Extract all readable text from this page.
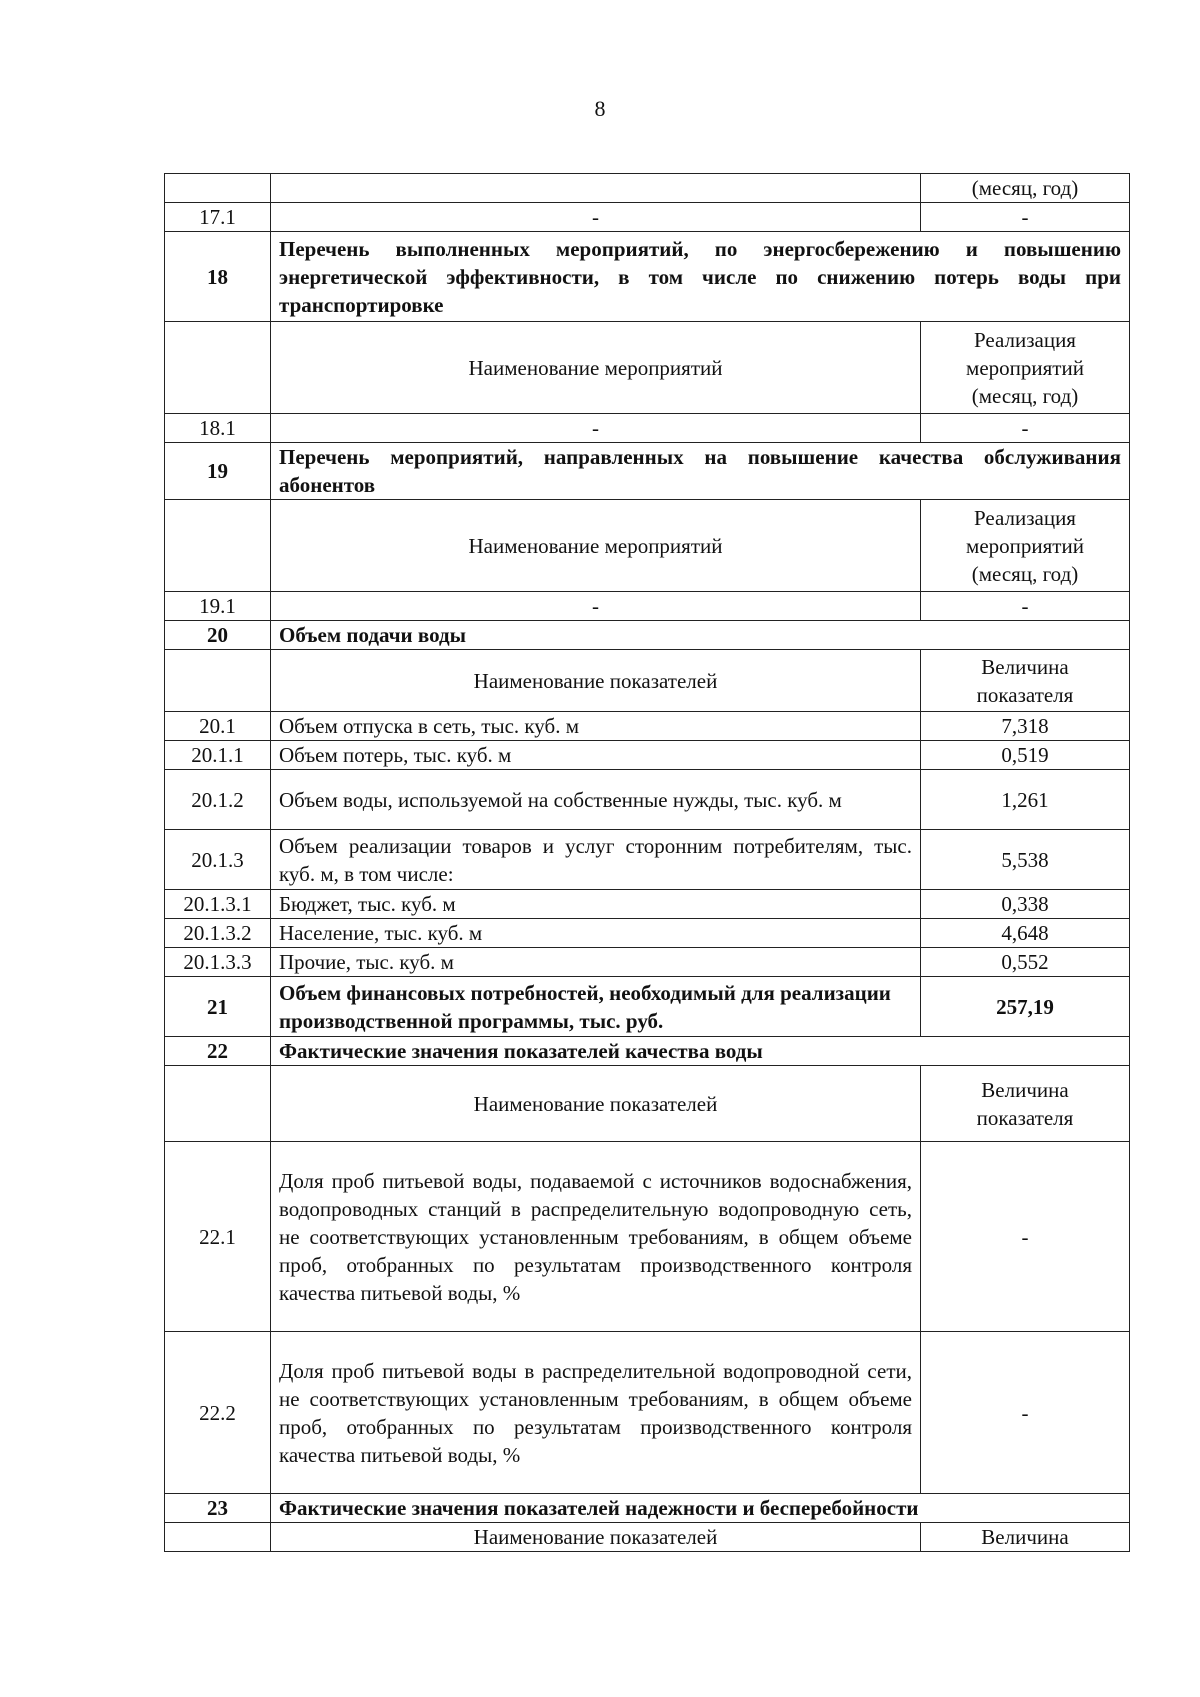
8
		(месяц, год)
17.1	-	-
18	Перечень выполненных мероприятий, по энергосбережению и повышению энергетической эффективности, в том числе по снижению потерь воды при транспортировке	
	Наименование мероприятий	Реализация
мероприятий
(месяц, год)

18.1	-	-
19	Перечень мероприятий, направленных на повышение качества обслуживания абонентов	
	Наименование мероприятий	Реализация
мероприятий
(месяц, год)

19.1	-	-
20	Объем подачи воды	
	Наименование показателей	Величина
показателя

20.1	Объем отпуска в сеть, тыс. куб. м	7,318
20.1.1	Объем потерь, тыс. куб. м	0,519
20.1.2	Объем воды, используемой на собственные нужды, тыс. куб. м	1,261
20.1.3	Объем реализации товаров и услуг сторонним потребителям, тыс. куб. м, в том числе:	5,538
20.1.3.1	Бюджет, тыс. куб. м	0,338
20.1.3.2	Население, тыс. куб. м	4,648
20.1.3.3	Прочие, тыс. куб. м	0,552
21	Объем финансовых потребностей, необходимый для реализации производственной программы, тыс. руб.	257,19
22	Фактические значения показателей качества воды	
	Наименование показателей	Величина
показателя

22.1	Доля проб питьевой воды, подаваемой с источников водоснабжения, водопроводных станций в распределительную водопроводную сеть, не соответствующих установленным требованиям, в общем объеме проб, отобранных по результатам производственного контроля качества питьевой воды, %	-
22.2	Доля проб питьевой воды в распределительной водопроводной сети, не соответствующих установленным требованиям, в общем объеме проб, отобранных по результатам производственного контроля качества питьевой воды, %	-
23	Фактические значения показателей надежности и бесперебойности	
	Наименование показателей	Величина
